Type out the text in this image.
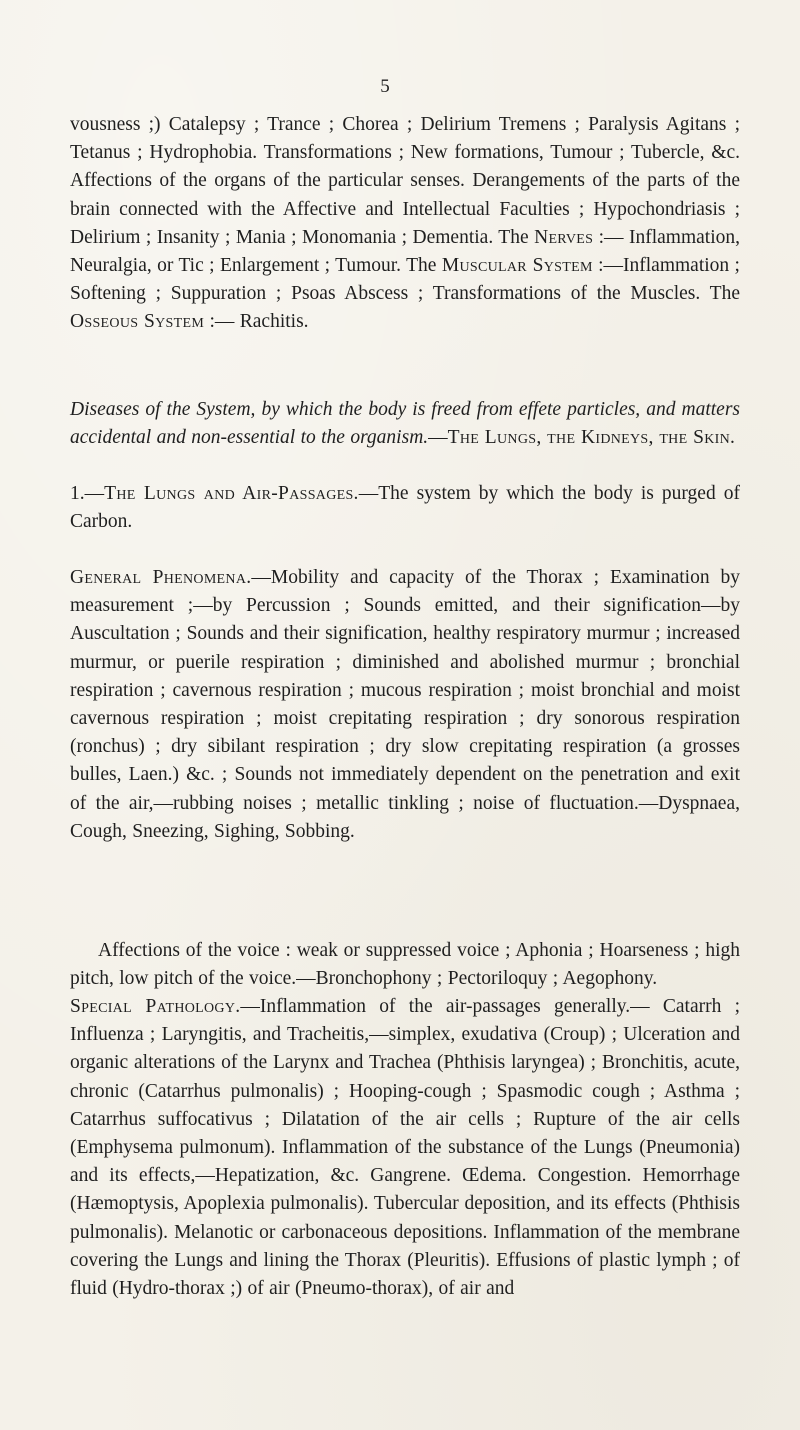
5

vousness ;) Catalepsy ; Trance ; Chorea ; Delirium Tremens ; Paralysis Agitans ; Tetanus ; Hydrophobia. Transformations ; New formations, Tumour ; Tubercle, &c. Affections of the organs of the particular senses. Derangements of the parts of the brain connected with the Affective and Intellectual Faculties ; Hypochondriasis ; Delirium ; Insanity ; Mania ; Monomania ; Dementia. The Nerves :— Inflammation, Neuralgia, or Tic ; Enlargement ; Tumour. The Muscular System :—Inflammation ; Softening ; Suppuration ; Psoas Abscess ; Transformations of the Muscles. The Osseous System :— Rachitis.

Diseases of the System, by which the body is freed from effete particles, and matters accidental and non-essential to the organism.—The Lungs, the Kidneys, the Skin.

1.—The Lungs and Air-Passages.—The system by which the body is purged of Carbon.

General Phenomena.—Mobility and capacity of the Thorax ; Examination by measurement ;—by Percussion ; Sounds emitted, and their signification—by Auscultation ; Sounds and their signification, healthy respiratory murmur ; increased murmur, or puerile respiration ; diminished and abolished murmur ; bronchial respiration ; cavernous respiration ; mucous respiration ; moist bronchial and moist cavernous respiration ; moist crepitating respiration ; dry sonorous respiration (ronchus) ; dry sibilant respiration ; dry slow crepitating respiration (a grosses bulles, Laen.) &c. ; Sounds not immediately dependent on the penetration and exit of the air,—rubbing noises ; metallic tinkling ; noise of fluctuation.—Dyspnaea, Cough, Sneezing, Sighing, Sobbing.

Affections of the voice : weak or suppressed voice ; Aphonia ; Hoarseness ; high pitch, low pitch of the voice.—Bronchophony ; Pectoriloquy ; Aegophony.

Special Pathology.—Inflammation of the air-passages generally.— Catarrh ; Influenza ; Laryngitis, and Tracheitis,—simplex, exudativa (Croup) ; Ulceration and organic alterations of the Larynx and Trachea (Phthisis laryngea) ; Bronchitis, acute, chronic (Catarrhus pulmonalis) ; Hooping-cough ; Spasmodic cough ; Asthma ; Catarrhus suffocativus ; Dilatation of the air cells ; Rupture of the air cells (Emphysema pulmonum). Inflammation of the substance of the Lungs (Pneumonia) and its effects,—Hepatization, &c. Gangrene. Œdema. Congestion. Hemorrhage (Hæmoptysis, Apoplexia pulmonalis). Tubercular deposition, and its effects (Phthisis pulmonalis). Melanotic or carbonaceous depositions. Inflammation of the membrane covering the Lungs and lining the Thorax (Pleuritis). Effusions of plastic lymph ; of fluid (Hydro-thorax ;) of air (Pneumo-thorax), of air and
